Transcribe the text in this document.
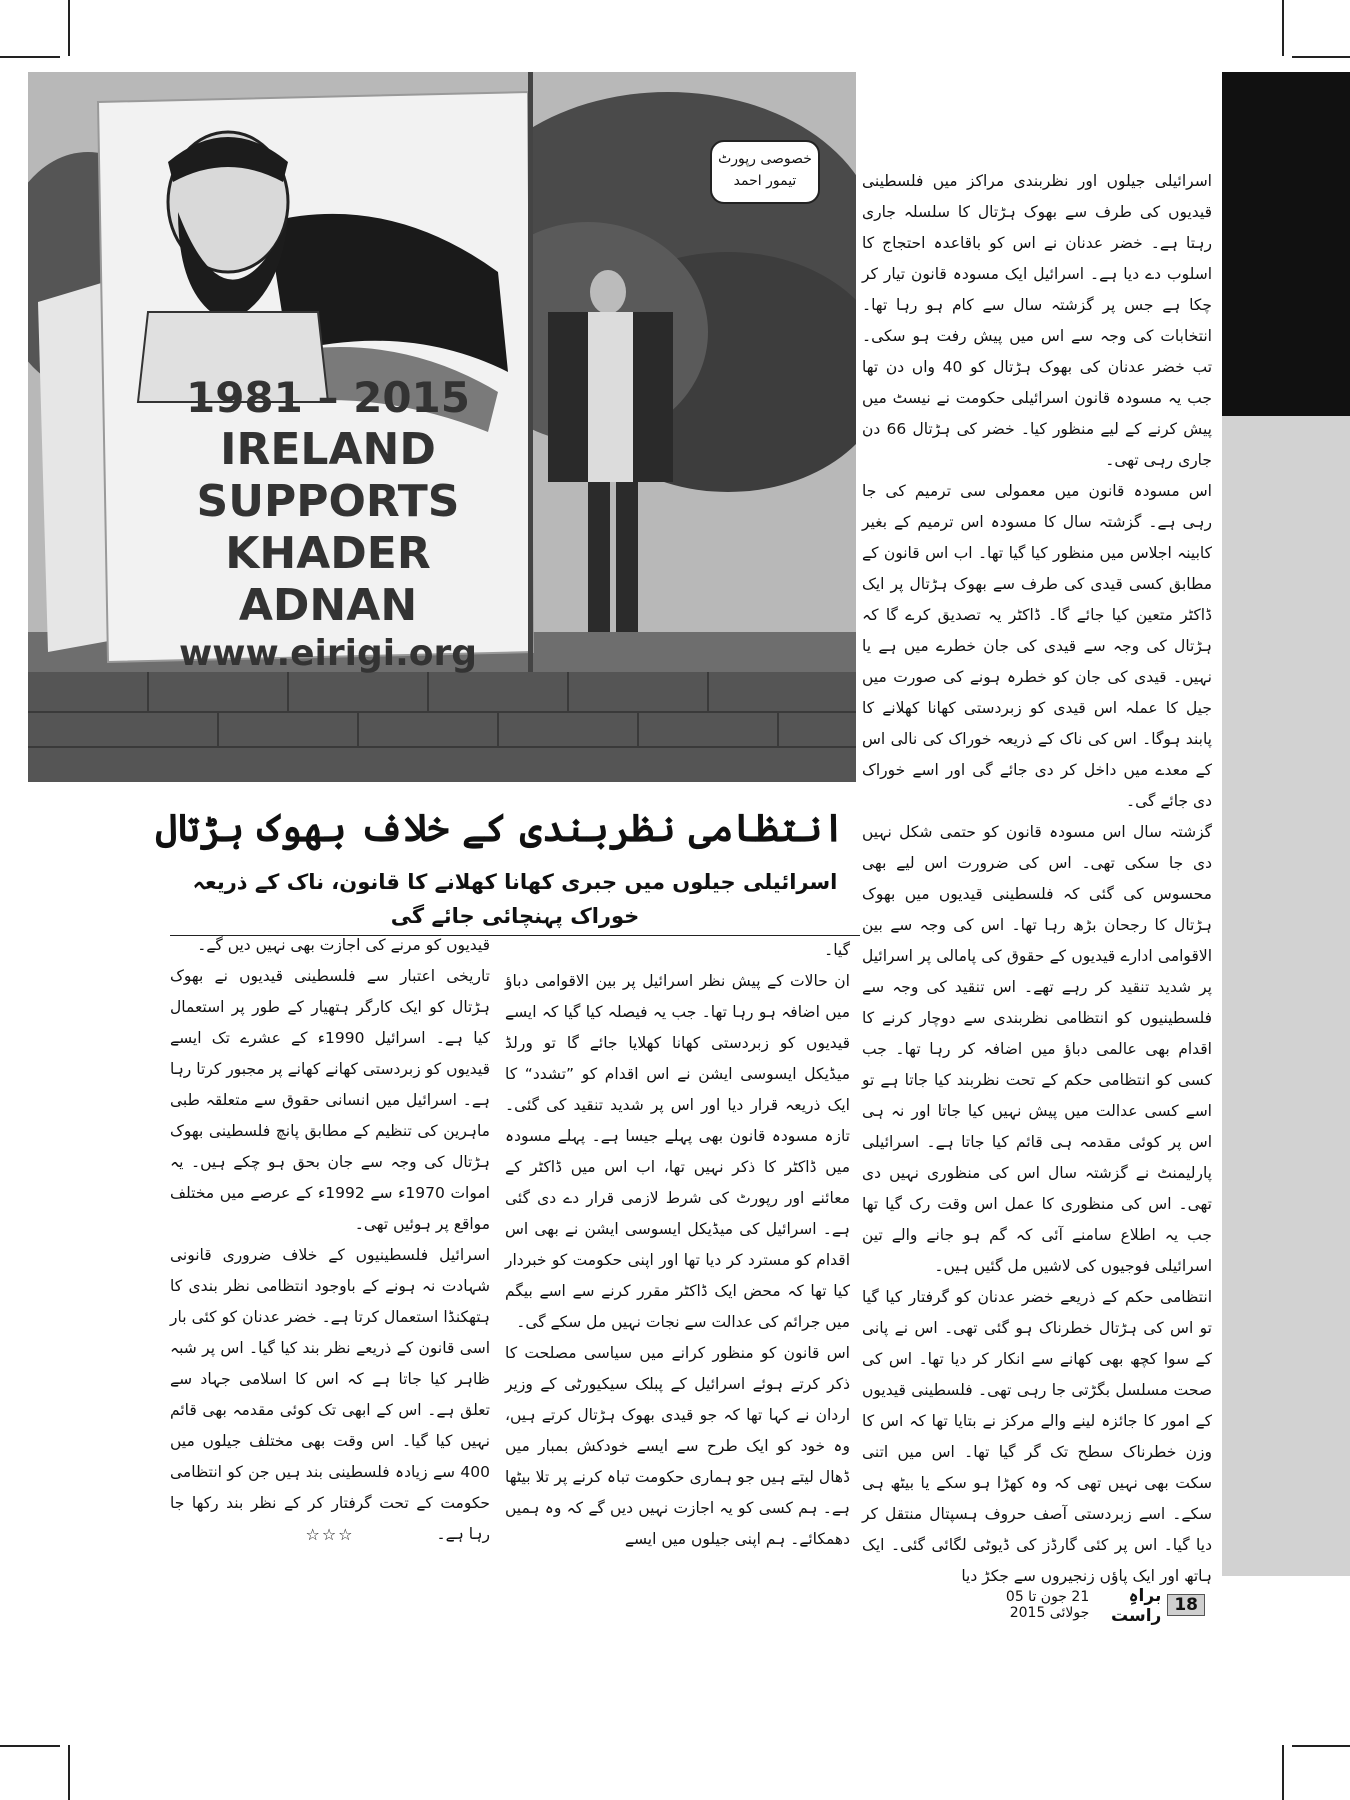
1981 – 2015
IRELAND
SUPPORTS
KHADER
ADNAN
www.eirigi.org
خصوصی رپورٹ
تیمور احمد
انتظامی نظربندی کے خلاف بھوک ہڑتال
اسرائیلی جیلوں میں جبری کھانا کھلانے کا قانون، ناک کے ذریعہ خوراک پہنچائی جائے گی

اسرائیلی جیلوں اور نظربندی مراکز میں فلسطینی قیدیوں کی طرف سے بھوک ہڑتال کا سلسلہ جاری رہتا ہے۔ خضر عدنان نے اس کو باقاعدہ احتجاج کا اسلوب دے دیا ہے۔ اسرائیل ایک مسودہ قانون تیار کر چکا ہے جس پر گزشتہ سال سے کام ہو رہا تھا۔ انتخابات کی وجہ سے اس میں پیش رفت ہو سکی۔ تب خضر عدنان کی بھوک ہڑتال کو 40 واں دن تھا جب یہ مسودہ قانون اسرائیلی حکومت نے نیسٹ میں پیش کرنے کے لیے منظور کیا۔ خضر کی ہڑتال 66 دن جاری رہی تھی۔

اس مسودہ قانون میں معمولی سی ترمیم کی جا رہی ہے۔ گزشتہ سال کا مسودہ اس ترمیم کے بغیر کابینہ اجلاس میں منظور کیا گیا تھا۔ اب اس قانون کے مطابق کسی قیدی کی طرف سے بھوک ہڑتال پر ایک ڈاکٹر متعین کیا جائے گا۔ ڈاکٹر یہ تصدیق کرے گا کہ ہڑتال کی وجہ سے قیدی کی جان خطرے میں ہے یا نہیں۔ قیدی کی جان کو خطرہ ہونے کی صورت میں جیل کا عملہ اس قیدی کو زبردستی کھانا کھلانے کا پابند ہوگا۔ اس کی ناک کے ذریعہ خوراک کی نالی اس کے معدے میں داخل کر دی جائے گی اور اسے خوراک دی جائے گی۔

گزشتہ سال اس مسودہ قانون کو حتمی شکل نہیں دی جا سکی تھی۔ اس کی ضرورت اس لیے بھی محسوس کی گئی کہ فلسطینی قیدیوں میں بھوک ہڑتال کا رجحان بڑھ رہا تھا۔ اس کی وجہ سے بین الاقوامی ادارے قیدیوں کے حقوق کی پامالی پر اسرائیل پر شدید تنقید کر رہے تھے۔ اس تنقید کی وجہ سے فلسطینیوں کو انتظامی نظربندی سے دوچار کرنے کا اقدام بھی عالمی دباؤ میں اضافہ کر رہا تھا۔ جب کسی کو انتظامی حکم کے تحت نظربند کیا جاتا ہے تو اسے کسی عدالت میں پیش نہیں کیا جاتا اور نہ ہی اس پر کوئی مقدمہ ہی قائم کیا جاتا ہے۔ اسرائیلی پارلیمنٹ نے گزشتہ سال اس کی منظوری نہیں دی تھی۔ اس کی منظوری کا عمل اس وقت رک گیا تھا جب یہ اطلاع سامنے آئی کہ گم ہو جانے والے تین اسرائیلی فوجیوں کی لاشیں مل گئیں ہیں۔

انتظامی حکم کے ذریعے خضر عدنان کو گرفتار کیا گیا تو اس کی ہڑتال خطرناک ہو گئی تھی۔ اس نے پانی کے سوا کچھ بھی کھانے سے انکار کر دیا تھا۔ اس کی صحت مسلسل بگڑتی جا رہی تھی۔ فلسطینی قیدیوں کے امور کا جائزہ لینے والے مرکز نے بتایا تھا کہ اس کا وزن خطرناک سطح تک گر گیا تھا۔ اس میں اتنی سکت بھی نہیں تھی کہ وہ کھڑا ہو سکے یا بیٹھ ہی سکے۔ اسے زبردستی آصف حروف ہسپتال منتقل کر دیا گیا۔ اس پر کئی گارڈز کی ڈیوٹی لگائی گئی۔ ایک ہاتھ اور ایک پاؤں زنجیروں سے جکڑ دیا

گیا۔

ان حالات کے پیش نظر اسرائیل پر بین الاقوامی دباؤ میں اضافہ ہو رہا تھا۔ جب یہ فیصلہ کیا گیا کہ ایسے قیدیوں کو زبردستی کھانا کھلایا جائے گا تو ورلڈ میڈیکل ایسوسی ایشن نے اس اقدام کو ”تشدد“ کا ایک ذریعہ قرار دیا اور اس پر شدید تنقید کی گئی۔ تازہ مسودہ قانون بھی پہلے جیسا ہے۔ پہلے مسودہ میں ڈاکٹر کا ذکر نہیں تھا، اب اس میں ڈاکٹر کے معائنے اور رپورٹ کی شرط لازمی قرار دے دی گئی ہے۔ اسرائیل کی میڈیکل ایسوسی ایشن نے بھی اس اقدام کو مسترد کر دیا تھا اور اپنی حکومت کو خبردار کیا تھا کہ محض ایک ڈاکٹر مقرر کرنے سے اسے بیگم میں جرائم کی عدالت سے نجات نہیں مل سکے گی۔

اس قانون کو منظور کرانے میں سیاسی مصلحت کا ذکر کرتے ہوئے اسرائیل کے پبلک سیکیورٹی کے وزیر اردان نے کہا تھا کہ جو قیدی بھوک ہڑتال کرتے ہیں، وہ خود کو ایک طرح سے ایسے خودکش بمبار میں ڈھال لیتے ہیں جو ہماری حکومت تباہ کرنے پر تلا بیٹھا ہے۔ ہم کسی کو یہ اجازت نہیں دیں گے کہ وہ ہمیں دھمکائے۔ ہم اپنی جیلوں میں ایسے

قیدیوں کو مرنے کی اجازت بھی نہیں دیں گے۔

تاریخی اعتبار سے فلسطینی قیدیوں نے بھوک ہڑتال کو ایک کارگر ہتھیار کے طور پر استعمال کیا ہے۔ اسرائیل 1990ء کے عشرے تک ایسے قیدیوں کو زبردستی کھانے کھانے پر مجبور کرتا رہا ہے۔ اسرائیل میں انسانی حقوق سے متعلقہ طبی ماہرین کی تنظیم کے مطابق پانچ فلسطینی بھوک ہڑتال کی وجہ سے جان بحق ہو چکے ہیں۔ یہ اموات 1970ء سے 1992ء کے عرصے میں مختلف مواقع پر ہوئیں تھی۔

اسرائیل فلسطینیوں کے خلاف ضروری قانونی شہادت نہ ہونے کے باوجود انتظامی نظر بندی کا ہتھکنڈا استعمال کرتا ہے۔ خضر عدنان کو کئی بار اسی قانون کے ذریعے نظر بند کیا گیا۔ اس پر شبہ ظاہر کیا جاتا ہے کہ اس کا اسلامی جہاد سے تعلق ہے۔ اس کے ابھی تک کوئی مقدمہ بھی قائم نہیں کیا گیا۔ اس وقت بھی مختلف جیلوں میں 400 سے زیادہ فلسطینی بند ہیں جن کو انتظامی حکومت کے تحت گرفتار کر کے نظر بند رکھا جا رہا ہے۔

☆☆☆
18
براہِ راست
21 جون تا 05 جولائی 2015
